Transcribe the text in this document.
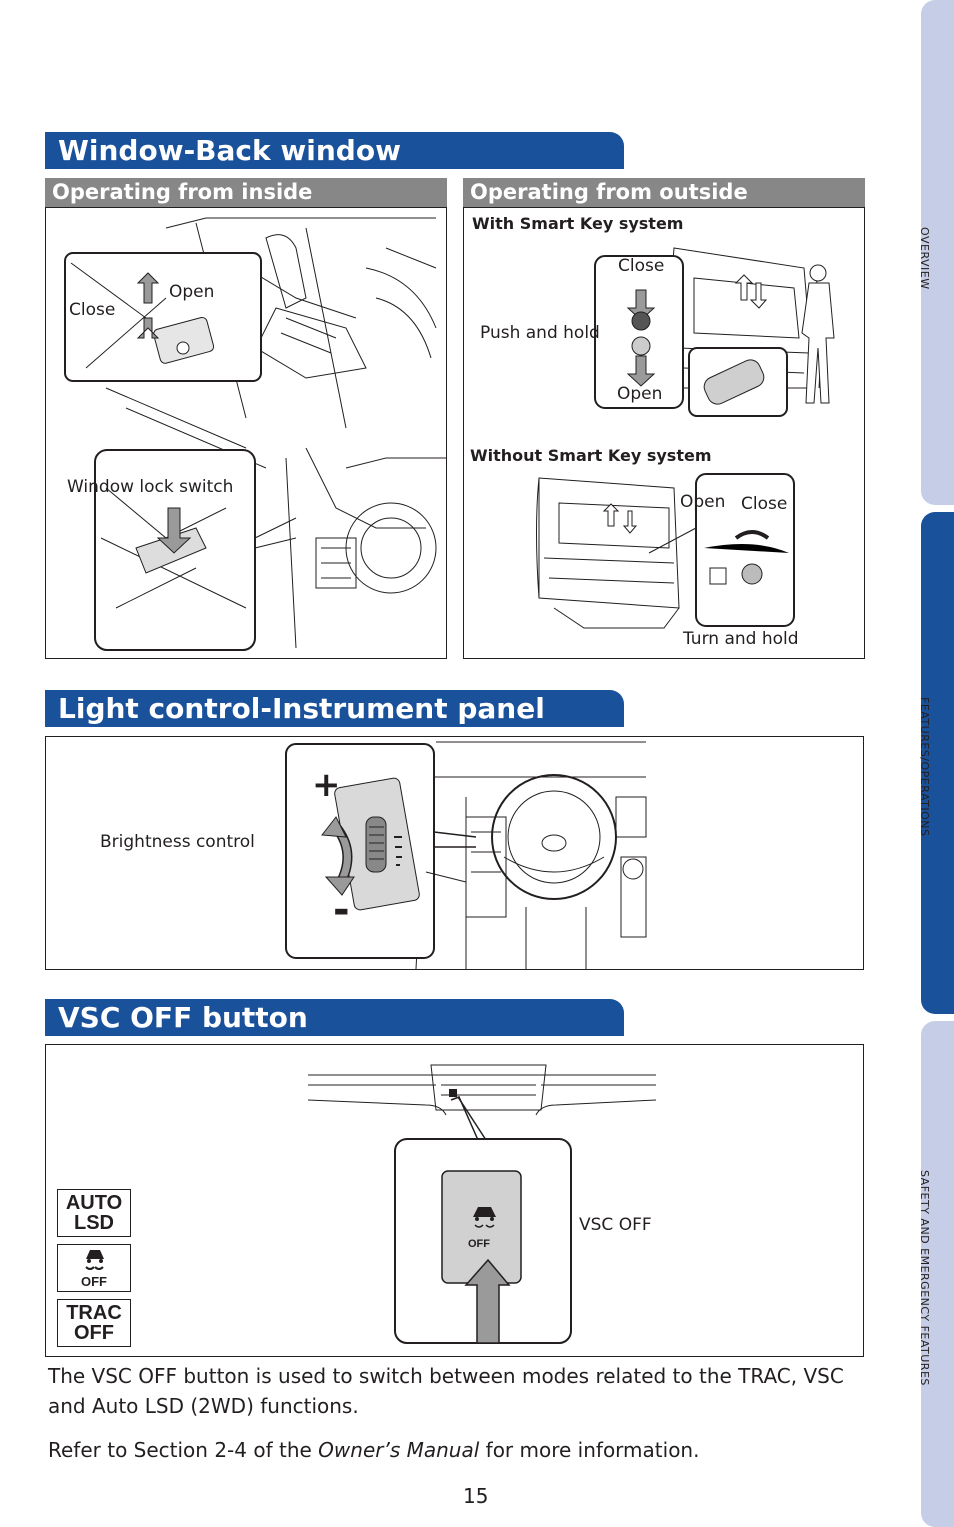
OVERVIEW
FEATURES/OPERATIONS
SAFETY AND EMERGENCY FEATURES
Window-Back window
Operating from inside	Operating from outside
Close
Open
Window lock switch
With Smart Key system
Close
Push and hold
Open
Without Smart Key system
Open Close
Turn and hold
Light control-Instrument panel
Brightness control
+
-
VSC OFF button
OFF
VSC OFF
AUTO
LSD
OFF
TRAC
OFF
The VSC OFF button is used to switch between modes related to the TRAC, VSC and Auto LSD (2WD) functions.
Refer to Section 2-4 of the Owner’s Manual for more information.
15
